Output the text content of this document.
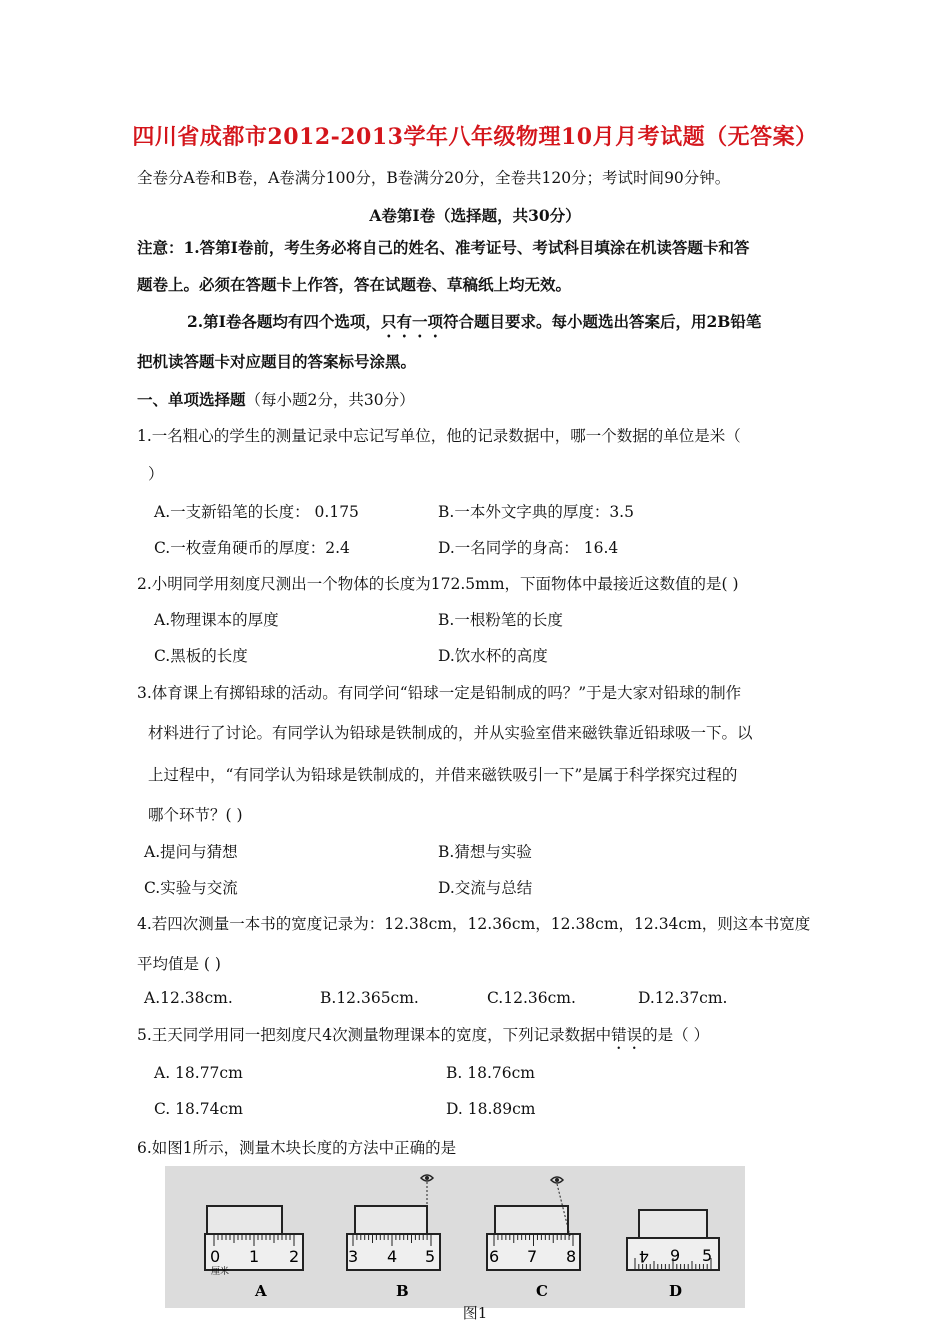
四川省成都市2012-2013学年八年级物理10月月考试题（无答案）
全卷分A卷和B卷，A卷满分100分，B卷满分20分，全卷共120分；考试时间90分钟。
A卷第Ⅰ卷（选择题，共30分）
注意：1.答第Ⅰ卷前，考生务必将自己的姓名、准考证号、考试科目填涂在机读答题卡和答
题卷上。必须在答题卡上作答，答在试题卷、草稿纸上均无效。
2.第Ⅰ卷各题均有四个选项，只有一项符合题目要求。每小题选出答案后，用2B铅笔
把机读答题卡对应题目的答案标号涂黑。
一、单项选择题（每小题2分，共30分）
1.一名粗心的学生的测量记录中忘记写单位，他的记录数据中，哪一个数据的单位是米（
）
A.一支新铅笔的长度： 0.175	B.一本外文字典的厚度：3.5
C.一枚壹角硬币的厚度：2.4	D.一名同学的身高： 16.4
2.小明同学用刻度尺测出一个物体的长度为172.5mm，下面物体中最接近这数值的是( )
A.物理课本的厚度	B.一根粉笔的长度
C.黑板的长度	D.饮水杯的高度
3.体育课上有掷铅球的活动。有同学问“铅球一定是铅制成的吗？”于是大家对铅球的制作
材料进行了讨论。有同学认为铅球是铁制成的，并从实验室借来磁铁靠近铅球吸一下。以
上过程中，“有同学认为铅球是铁制成的，并借来磁铁吸引一下”是属于科学探究过程的
哪个环节？( )
A.提问与猜想	B.猜想与实验
C.实验与交流	D.交流与总结
4.若四次测量一本书的宽度记录为：12.38cm，12.36cm，12.38cm，12.34cm，则这本书宽度
平均值是 ( )
A.12.38cm.	B.12.365cm.	C.12.36cm.	D.12.37cm.
5.王天同学用同一把刻度尺4次测量物理课本的宽度，下列记录数据中错误的是（ ）
A. 18.77cm	B. 18.76cm
C. 18.74cm	D. 18.89cm
6.如图1所示，测量木块长度的方法中正确的是
0 1 2
厘米
A
3 4 5
B
6 7 8
C
4 9 5
D
图1
